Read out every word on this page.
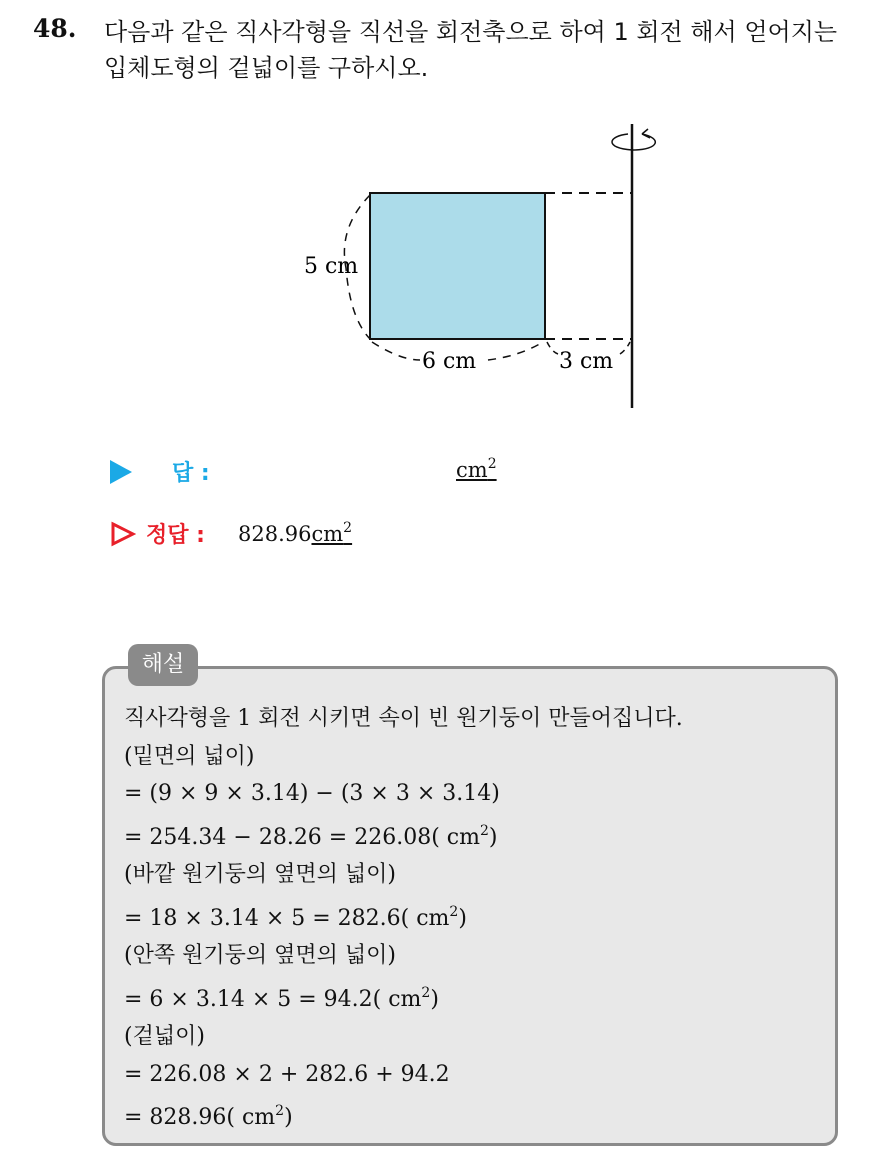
48. 다음과 같은 직사각형을 직선을 회전축으로 하여 1 회전 해서 얻어지는
입체도형의 겉넓이를 구하시오.
5 cm
6 cm	3 cm
답 :	$cm^2$
정답 : $828.96cm^2$
해설
직사각형을 1 회전 시키면 속이 빈 원기둥이 만들어집니다.
(밑면의 넓이)
= (9 × 9 × 3.14) − (3 × 3 × 3.14)
= 254.34 − 28.26 = 226.08( $cm^2$)
(바깥 원기둥의 옆면의 넓이)
= 18 × 3.14 × 5 = 282.6( $cm^2$)
(안쪽 원기둥의 옆면의 넓이)
= 6 × 3.14 × 5 = 94.2( $cm^2$)
(겉넓이)
= 226.08 × 2 + 282.6 + 94.2
= 828.96( $cm^2$)
